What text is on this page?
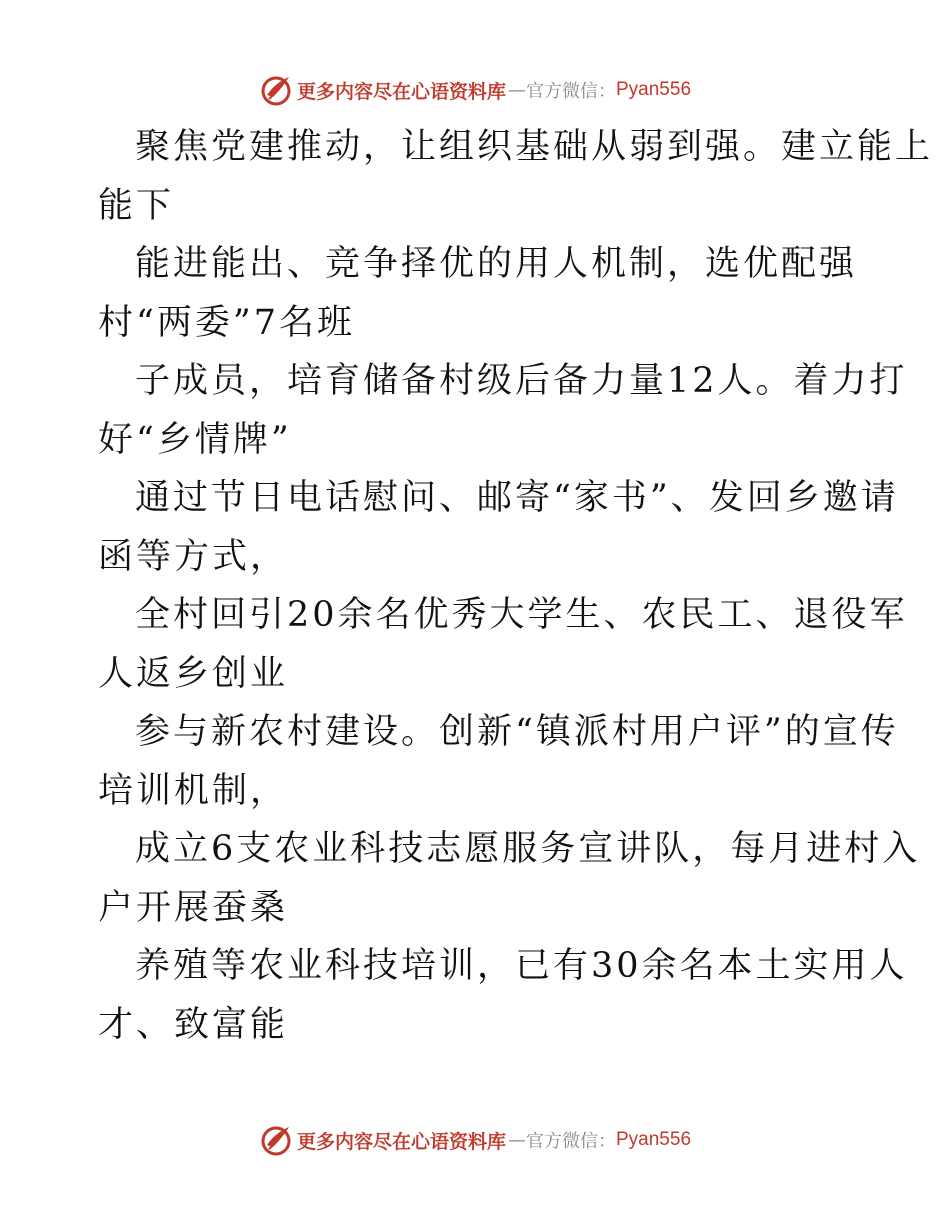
更多内容尽在心语资料库 — 官方微信： Pyan556
聚焦党建推动，让组织基础从弱到强。建立能上
能下
能进能出、竞争择优的用人机制，选优配强
村“两委”7名班
子成员，培育储备村级后备力量12人。着力打
好“乡情牌”
通过节日电话慰问、邮寄“家书”、发回乡邀请
函等方式，
全村回引20余名优秀大学生、农民工、退役军
人返乡创业
参与新农村建设。创新“镇派村用户评”的宣传
培训机制，
成立6支农业科技志愿服务宣讲队，每月进村入
户开展蚕桑
养殖等农业科技培训，已有30余名本土实用人
才、致富能
更多内容尽在心语资料库 — 官方微信： Pyan556
